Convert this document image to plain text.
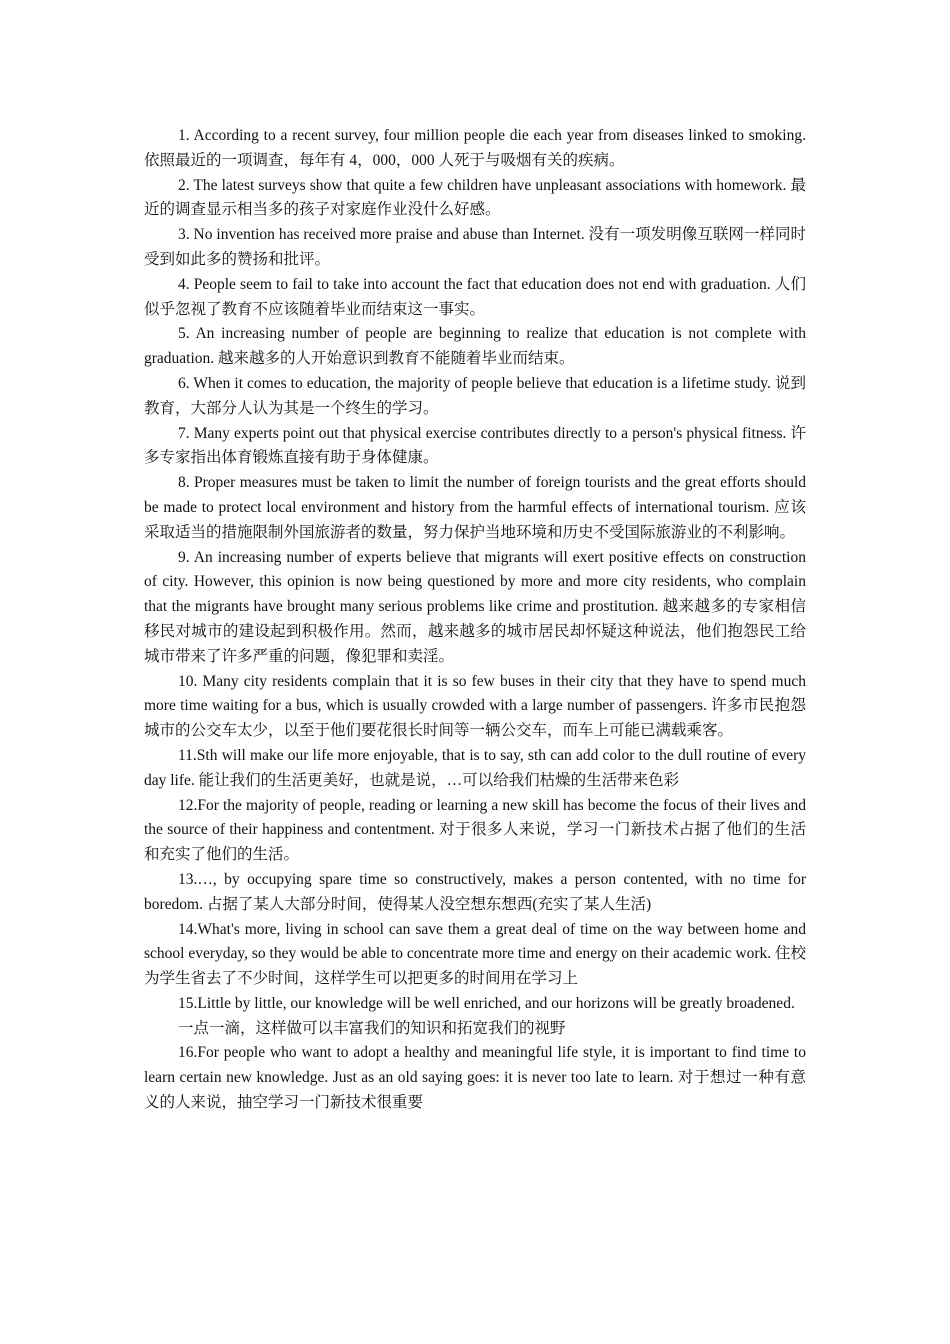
1. According to a recent survey, four million people die each year from diseases linked to smoking. 依照最近的一项调查，每年有 4，000，000 人死于与吸烟有关的疾病。

2. The latest surveys show that quite a few children have unpleasant associations with homework. 最近的调查显示相当多的孩子对家庭作业没什么好感。

3. No invention has received more praise and abuse than Internet. 没有一项发明像互联网一样同时受到如此多的赞扬和批评。

4. People seem to fail to take into account the fact that education does not end with graduation. 人们似乎忽视了教育不应该随着毕业而结束这一事实。

5. An increasing number of people are beginning to realize that education is not complete with graduation. 越来越多的人开始意识到教育不能随着毕业而结束。

6. When it comes to education, the majority of people believe that education is a lifetime study. 说到教育，大部分人认为其是一个终生的学习。

7. Many experts point out that physical exercise contributes directly to a person's physical fitness. 许多专家指出体育锻炼直接有助于身体健康。

8. Proper measures must be taken to limit the number of foreign tourists and the great efforts should be made to protect local environment and history from the harmful effects of international tourism. 应该采取适当的措施限制外国旅游者的数量，努力保护当地环境和历史不受国际旅游业的不利影响。

9. An increasing number of experts believe that migrants will exert positive effects on construction of city. However, this opinion is now being questioned by more and more city residents, who complain that the migrants have brought many serious problems like crime and prostitution. 越来越多的专家相信移民对城市的建设起到积极作用。然而，越来越多的城市居民却怀疑这种说法，他们抱怨民工给城市带来了许多严重的问题，像犯罪和卖淫。

10. Many city residents complain that it is so few buses in their city that they have to spend much more time waiting for a bus, which is usually crowded with a large number of passengers. 许多市民抱怨城市的公交车太少，以至于他们要花很长时间等一辆公交车，而车上可能已满载乘客。

11.Sth will make our life more enjoyable, that is to say, sth can add color to the dull routine of every day life. 能让我们的生活更美好，也就是说，…可以给我们枯燥的生活带来色彩

12.For the majority of people, reading or learning a new skill has become the focus of their lives and the source of their happiness and contentment. 对于很多人来说，学习一门新技术占据了他们的生活和充实了他们的生活。

13.…, by occupying spare time so constructively, makes a person contented, with no time for boredom. 占据了某人大部分时间，使得某人没空想东想西(充实了某人生活)

14.What's more, living in school can save them a great deal of time on the way between home and school everyday, so they would be able to concentrate more time and energy on their academic work. 住校为学生省去了不少时间，这样学生可以把更多的时间用在学习上

15.Little by little, our knowledge will be well enriched, and our horizons will be greatly broadened.

一点一滴，这样做可以丰富我们的知识和拓宽我们的视野

16.For people who want to adopt a healthy and meaningful life style, it is important to find time to learn certain new knowledge. Just as an old saying goes: it is never too late to learn. 对于想过一种有意义的人来说，抽空学习一门新技术很重要
